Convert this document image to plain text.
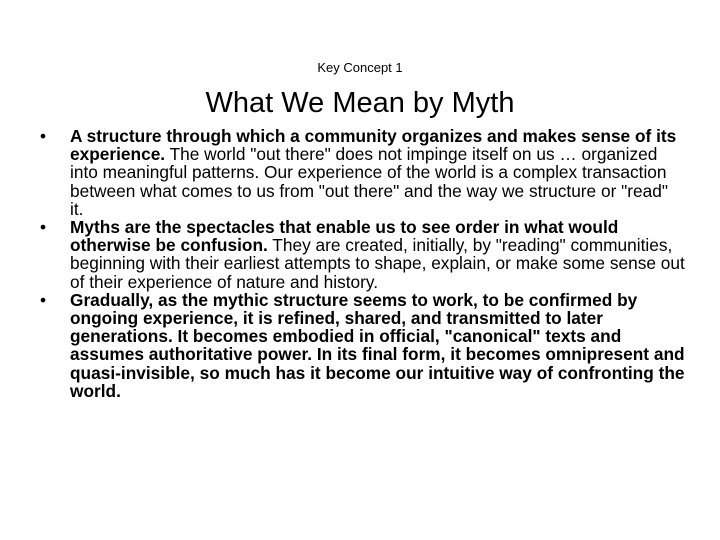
Key Concept 1
What We Mean by Myth
• A structure through which a community organizes and makes sense of its experience. The world "out there" does not impinge itself on us … organized into meaningful patterns. Our experience of the world is a complex transaction between what comes to us from "out there" and the way we structure or "read" it.
• Myths are the spectacles that enable us to see order in what would otherwise be confusion. They are created, initially, by "reading" communities, beginning with their earliest attempts to shape, explain, or make some sense out of their experience of nature and history.
• Gradually, as the mythic structure seems to work, to be confirmed by ongoing experience, it is refined, shared, and transmitted to later generations. It becomes embodied in official, "canonical" texts and assumes authoritative power. In its final form, it becomes omnipresent and quasi-invisible, so much has it become our intuitive way of confronting the world.
